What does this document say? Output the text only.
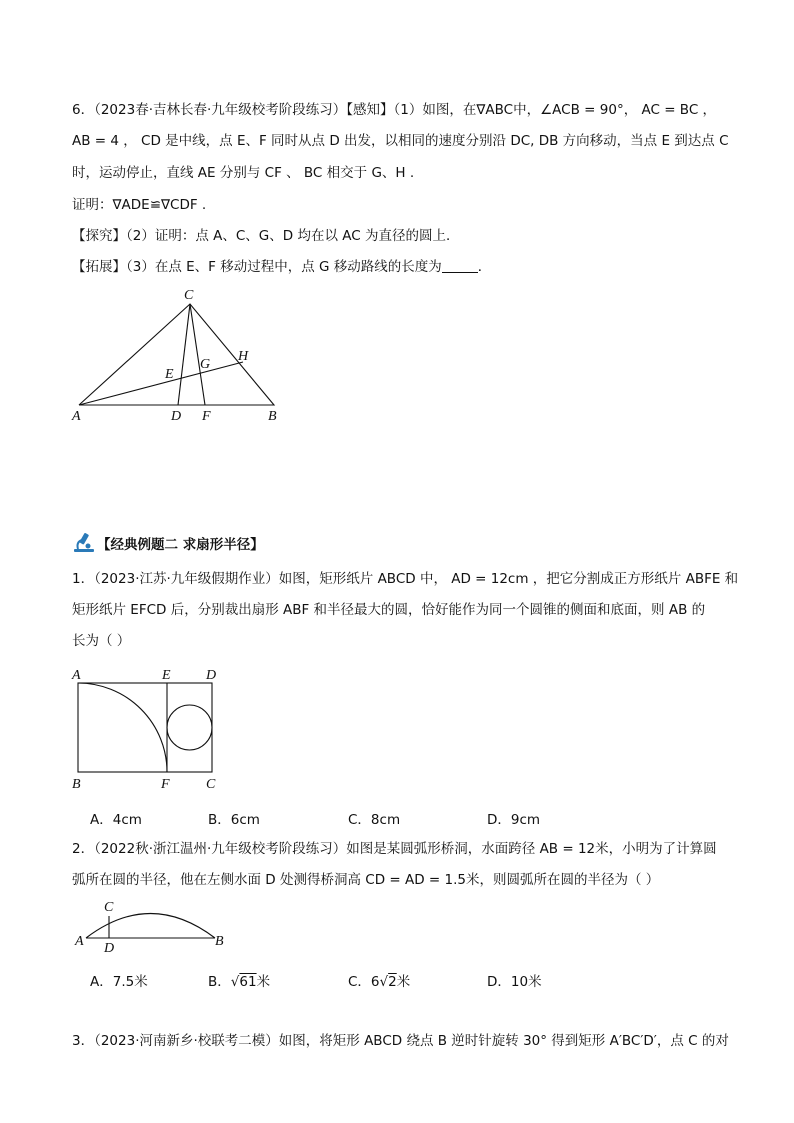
6．（2023春·吉林长春·九年级校考阶段练习）【感知】（1）如图，在∇ABC中，∠ACB = 90°， AC = BC ，
AB = 4 ， CD 是中线，点 E、F 同时从点 D 出发，以相同的速度分别沿 DC, DB 方向移动，当点 E 到达点 C
时，运动停止，直线 AE 分别与 CF 、 BC 相交于 G、H .
证明：∇ADE≌∇CDF .
【探究】（2）证明：点 A、C、G、D 均在以 AC 为直径的圆上．
【拓展】（3）在点 E、F 移动过程中，点 G 移动路线的长度为	．
C
A	D F	B
E
G
H
【经典例题二 求扇形半径】
1．（2023·江苏·九年级假期作业）如图，矩形纸片 ABCD 中， AD = 12cm ，把它分割成正方形纸片 ABFE 和
矩形纸片 EFCD 后，分别裁出扇形 ABF 和半径最大的圆，恰好能作为同一个圆锥的侧面和底面，则 AB 的
长为（ ）
A	E	D
B	F	C
A．4cm	B．6cm	C．8cm	D．9cm
2．（2022秋·浙江温州·九年级校考阶段练习）如图是某圆弧形桥洞，水面跨径 AB = 12米，小明为了计算圆
弧所在圆的半径，他在左侧水面 D 处测得桥洞高 CD = AD = 1.5米，则圆弧所在圆的半径为（ ）
A
C
D	B
A．7.5米	B．√61米	C．6√2米	D．10米
3．（2023·河南新乡·校联考二模）如图，将矩形 ABCD 绕点 B 逆时针旋转 30° 得到矩形 A′BC′D′，点 C 的对
